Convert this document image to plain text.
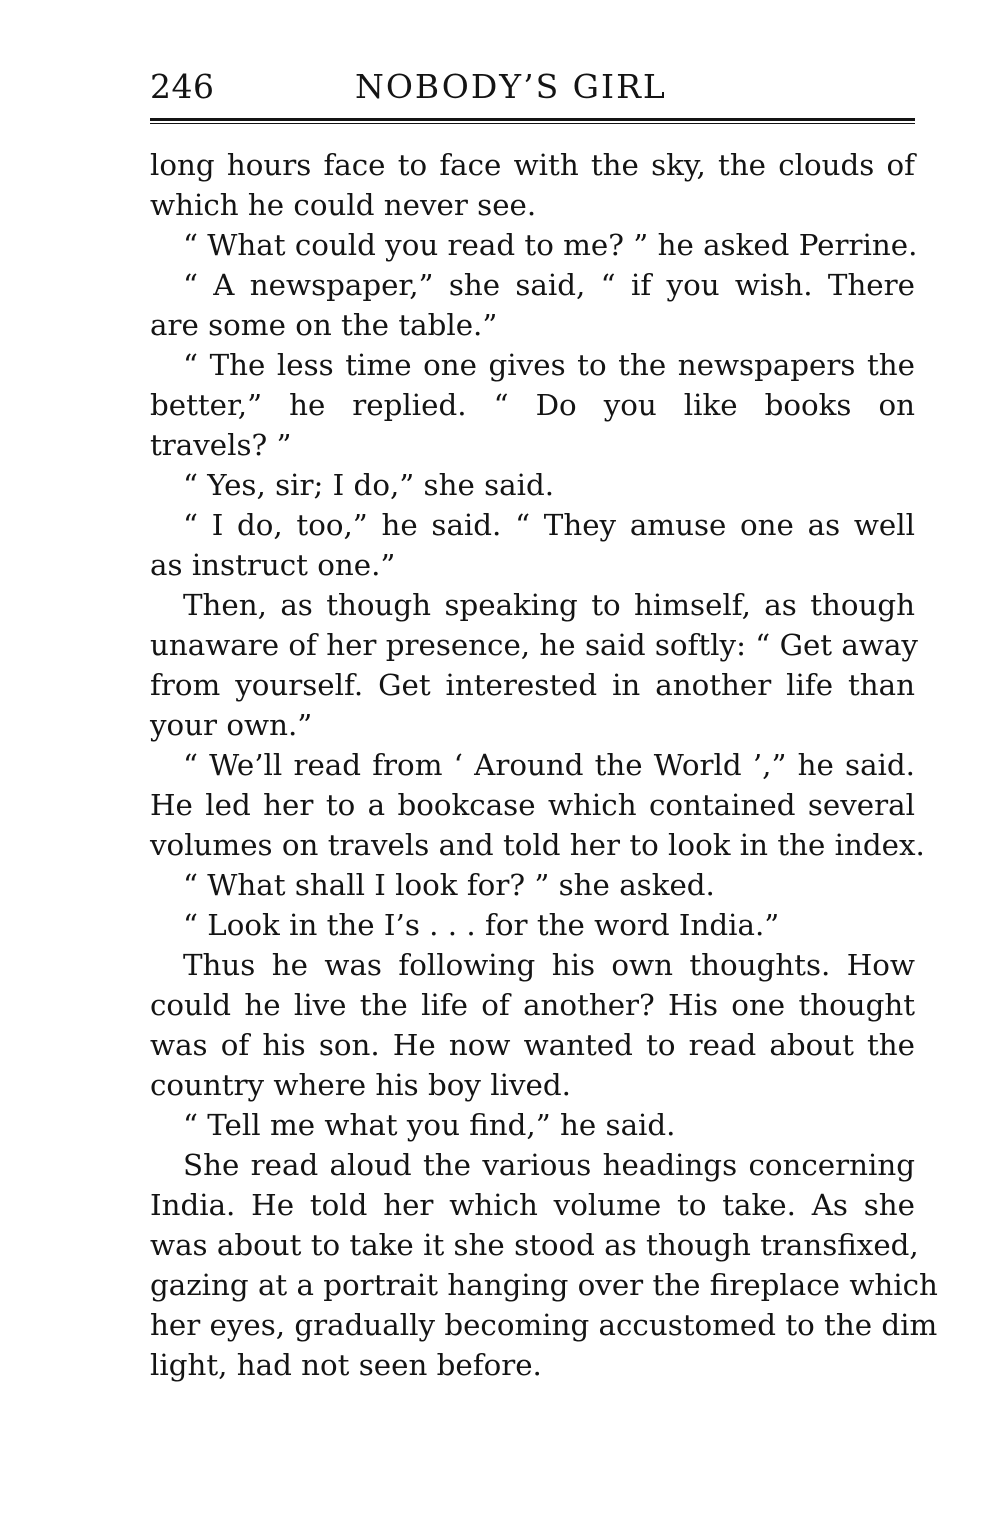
246	NOBODY’S GIRL
long hours face to face with the sky, the clouds of
which he could never see.
“ What could you read to me? ” he asked Perrine.
“ A newspaper,” she said, “ if you wish. There
are some on the table.”
“ The less time one gives to the newspapers the
better,” he replied. “ Do you like books on
travels? ”
“ Yes, sir; I do,” she said.
“ I do, too,” he said. “ They amuse one as well
as instruct one.”
Then, as though speaking to himself, as though
unaware of her presence, he said softly: “ Get away
from yourself. Get interested in another life than
your own.”
“ We’ll read from ‘ Around the World ’,” he said.
He led her to a bookcase which contained several
volumes on travels and told her to look in the index.
“ What shall I look for? ” she asked.
“ Look in the I’s . . . for the word India.”
Thus he was following his own thoughts. How
could he live the life of another? His one thought
was of his son. He now wanted to read about the
country where his boy lived.
“ Tell me what you find,” he said.
She read aloud the various headings concerning
India. He told her which volume to take. As she
was about to take it she stood as though transfixed,
gazing at a portrait hanging over the fireplace which
her eyes, gradually becoming accustomed to the dim
light, had not seen before.
